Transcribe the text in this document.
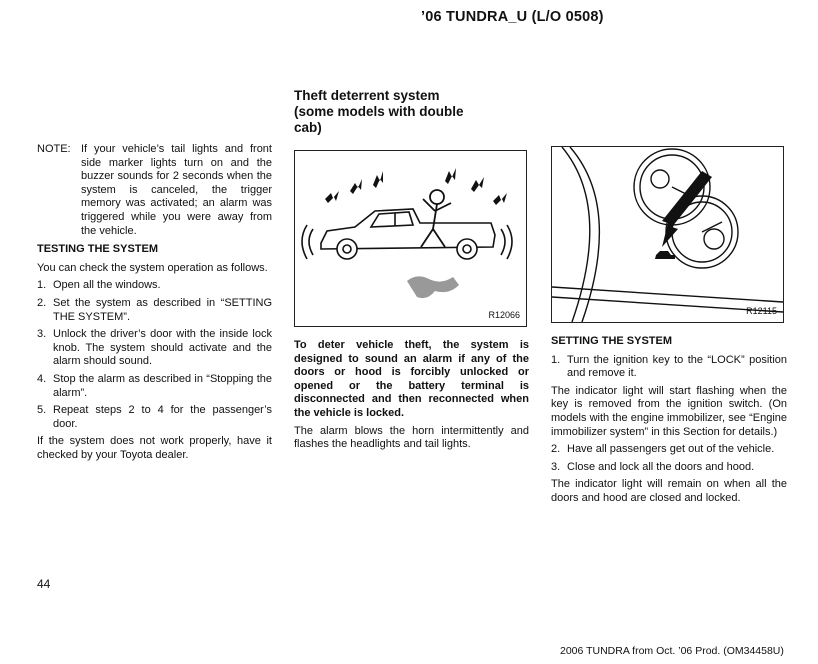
’06 TUNDRA_U (L/O 0508)
NOTE: If your vehicle’s tail lights and front side marker lights turn on and the buzzer sounds for 2 seconds when the system is canceled, the trigger memory was activated; an alarm was triggered while you were away from the vehicle.
TESTING THE SYSTEM

You can check the system operation as follows.

1. Open all the windows.
2. Set the system as described in “SETTING THE SYSTEM”.
3. Unlock the driver’s door with the inside lock knob. The system should activate and the alarm should sound.
4. Stop the alarm as described in “Stopping the alarm”.
5. Repeat steps 2 to 4 for the passenger’s door.

If the system does not work properly, have it checked by your Toyota dealer.

Theft deterrent system
(some models with double
cab)
R12066

To deter vehicle theft, the system is designed to sound an alarm if any of the doors or hood is forcibly unlocked or opened or the battery terminal is disconnected and then reconnected when the vehicle is locked.

The alarm blows the horn intermittently and flashes the headlights and tail lights.

R12115
SETTING THE SYSTEM
1. Turn the ignition key to the “LOCK” position and remove it.

The indicator light will start flashing when the key is removed from the ignition switch. (On models with the engine immobilizer, see “Engine immobilizer system” in this Section for details.)

2. Have all passengers get out of the vehicle.
3. Close and lock all the doors and hood.

The indicator light will remain on when all the doors and hood are closed and locked.

44
2006 TUNDRA from Oct. ’06 Prod. (OM34458U)
